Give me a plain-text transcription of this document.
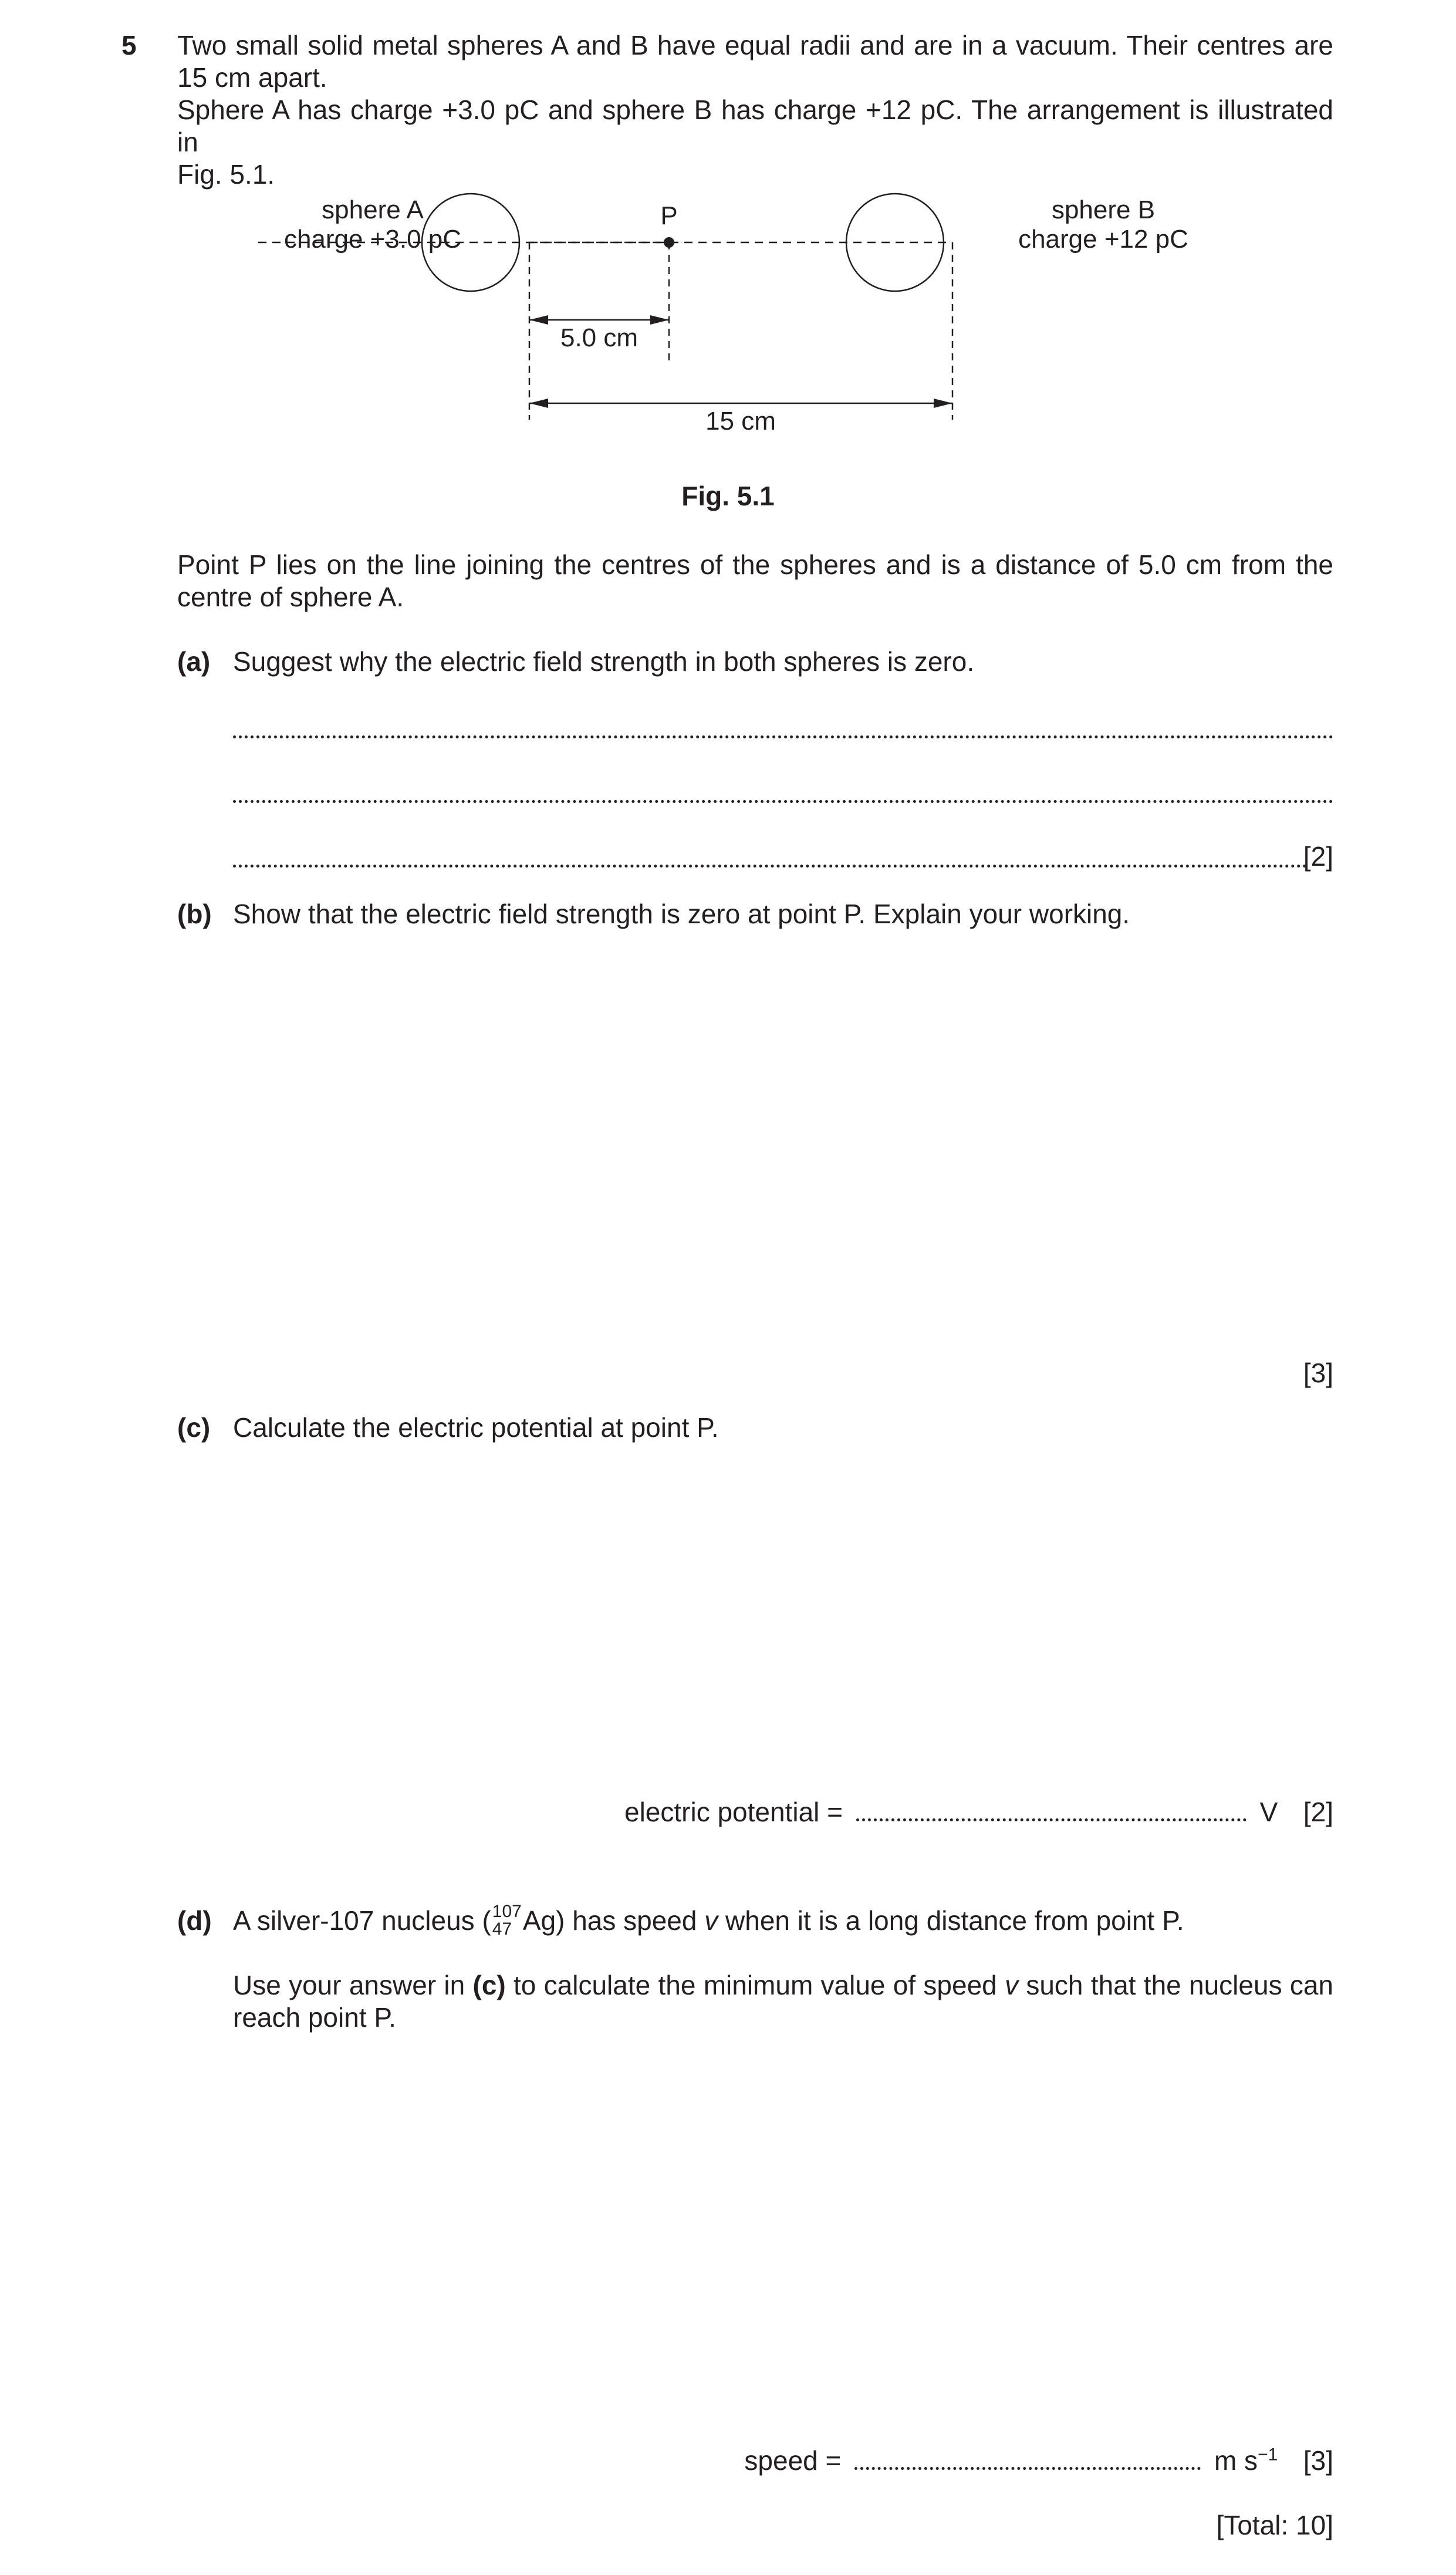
5 Two small solid metal spheres A and B have equal radii and are in a vacuum. Their centres are
15 cm apart.
Sphere A has charge +3.0 pC and sphere B has charge +12 pC. The arrangement is illustrated in
Fig. 5.1.
sphere A
charge +3.0 pC
sphere B
charge +12 pC
P
5.0 cm
15 cm
Fig. 5.1
Point P lies on the line joining the centres of the spheres and is a distance of 5.0 cm from the
centre of sphere A.
(a) Suggest why the electric field strength in both spheres is zero.
[2]
(b) Show that the electric field strength is zero at point P. Explain your working.
[3]
(c) Calculate the electric potential at point P.
electric potential =	V [2]
(d) A silver-107 nucleus ( 107
47 Ag) has speed v when it is a long distance from point P.
Use your answer in (c) to calculate the minimum value of speed v such that the nucleus can
reach point P.
speed =	m $s^{-1}$ [3]
[Total: 10]
